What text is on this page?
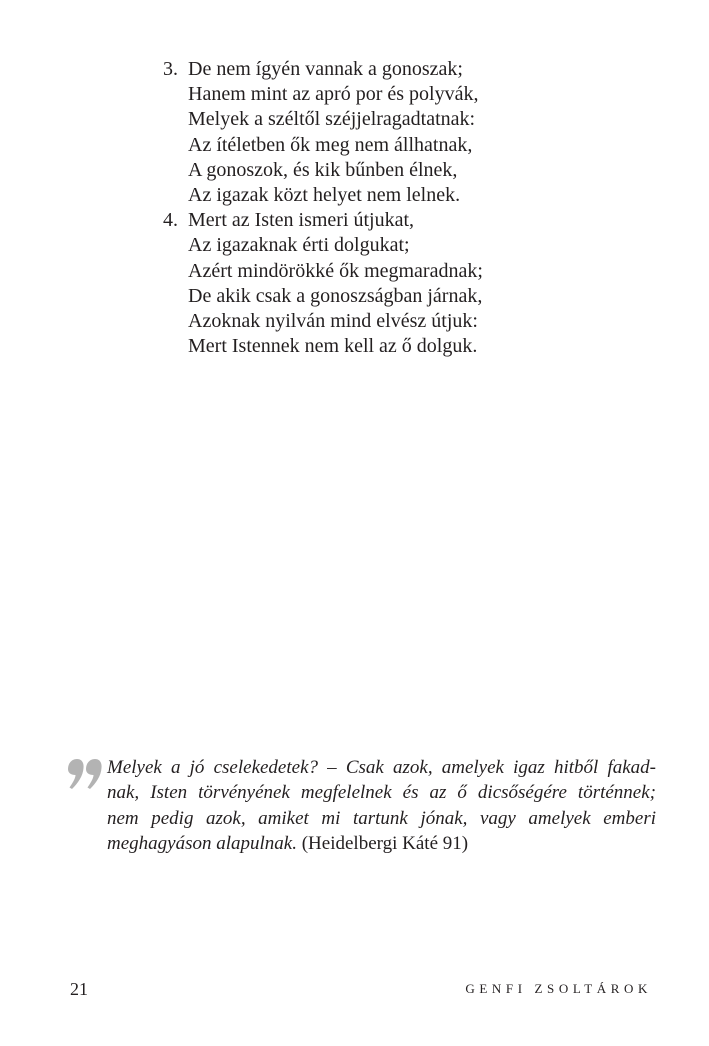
3. De nem ígyén vannak a gonoszak;
Hanem mint az apró por és polyvák,
Melyek a széltől széjjelragadtatnak:
Az ítéletben ők meg nem állhatnak,
A gonoszok, és kik bűnben élnek,
Az igazak közt helyet nem lelnek.
4. Mert az Isten ismeri útjukat,
Az igazaknak érti dolgukat;
Azért mindörökké ők megmaradnak;
De akik csak a gonoszságban járnak,
Azoknak nyilván mind elvész útjuk:
Mert Istennek nem kell az ő dolguk.
Melyek a jó cselekedetek? – Csak azok, amelyek igaz hitből fakad-
nak, Isten törvényének megfelelnek és az ő dicsőségére történnek;
nem pedig azok, amiket mi tartunk jónak, vagy amelyek emberi
meghagyáson alapulnak. (Heidelbergi Káté 91)
21	GENFI ZSOLTÁROK
